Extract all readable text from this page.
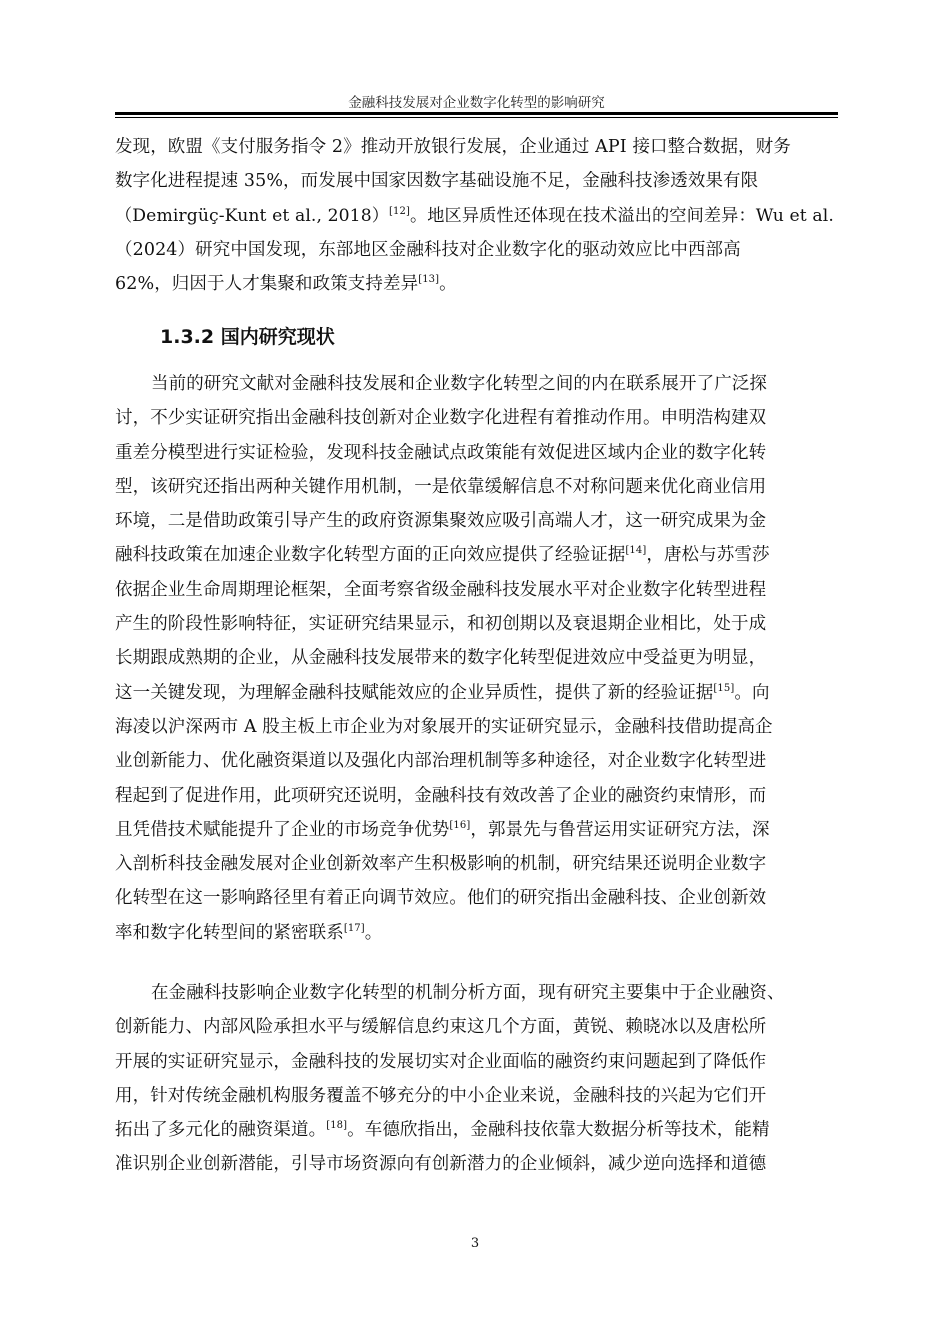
金融科技发展对企业数字化转型的影响研究
发现，欧盟《支付服务指令 2》推动开放银行发展，企业通过 API 接口整合数据，财务
数字化进程提速 35%，而发展中国家因数字基础设施不足，金融科技渗透效果有限
（Demirgüç-Kunt et al., 2018）[12]。地区异质性还体现在技术溢出的空间差异：Wu et al.
（2024）研究中国发现，东部地区金融科技对企业数字化的驱动效应比中西部高
62%，归因于人才集聚和政策支持差异[13]。
1.3.2 国内研究现状
当前的研究文献对金融科技发展和企业数字化转型之间的内在联系展开了广泛探
讨，不少实证研究指出金融科技创新对企业数字化进程有着推动作用。申明浩构建双
重差分模型进行实证检验，发现科技金融试点政策能有效促进区域内企业的数字化转
型，该研究还指出两种关键作用机制，一是依靠缓解信息不对称问题来优化商业信用
环境，二是借助政策引导产生的政府资源集聚效应吸引高端人才，这一研究成果为金
融科技政策在加速企业数字化转型方面的正向效应提供了经验证据[14]，唐松与苏雪莎
依据企业生命周期理论框架，全面考察省级金融科技发展水平对企业数字化转型进程
产生的阶段性影响特征，实证研究结果显示，和初创期以及衰退期企业相比，处于成
长期跟成熟期的企业，从金融科技发展带来的数字化转型促进效应中受益更为明显，
这一关键发现，为理解金融科技赋能效应的企业异质性，提供了新的经验证据[15]。向
海凌以沪深两市 A 股主板上市企业为对象展开的实证研究显示，金融科技借助提高企
业创新能力、优化融资渠道以及强化内部治理机制等多种途径，对企业数字化转型进
程起到了促进作用，此项研究还说明，金融科技有效改善了企业的融资约束情形，而
且凭借技术赋能提升了企业的市场竞争优势[16]，郭景先与鲁营运用实证研究方法，深
入剖析科技金融发展对企业创新效率产生积极影响的机制，研究结果还说明企业数字
化转型在这一影响路径里有着正向调节效应。他们的研究指出金融科技、企业创新效
率和数字化转型间的紧密联系[17]。
在金融科技影响企业数字化转型的机制分析方面，现有研究主要集中于企业融资、
创新能力、内部风险承担水平与缓解信息约束这几个方面，黄锐、赖晓冰以及唐松所
开展的实证研究显示，金融科技的发展切实对企业面临的融资约束问题起到了降低作
用，针对传统金融机构服务覆盖不够充分的中小企业来说，金融科技的兴起为它们开
拓出了多元化的融资渠道。[18]。车德欣指出，金融科技依靠大数据分析等技术，能精
准识别企业创新潜能，引导市场资源向有创新潜力的企业倾斜，减少逆向选择和道德
3
